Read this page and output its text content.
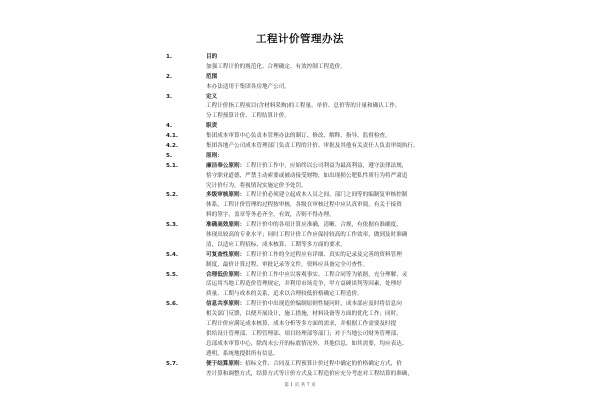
工程计价管理办法
1.	目的
加强工程计价的规范化、合理确定、有效控制工程造价。
2.	范围
本办法适用于集团各房地产公司。
3.	定义
工程计价指工程项目(含材料采购)的工程量、单价、总价等的计量和确认工作，
分工程预算计价、工程结算计价。
4.	职责
4.1.	集团成本审算中心负责本管理办法的制订、修改、解释、指导、监督检查。
4.2.	集团各地产公司成本管理部门负责工程的计价、审批及其他有关责任人负责审阅执行。
5.	原则：
5.1.	廉洁奉公原则：工程计价工作中，应始终以公司利益为最高利益，遵守法律法规，
恪守职业道德，严禁主动索要或被动接受财物，如出现损公肥私性质行为将严肃追
究计价行为，将视情况实施定价予处罚。
5.2.	多级审核原则：工程计价必须建立起成本人员之间、部门之间等的编制复审核控制
体系，工程计价管理的过程按审核，各级在审核过程中应认真审阅，有关于接资
料的签字，盖章等务必齐全，有效，否则不得办理。
5.3.	准确高效原则：工程计价中的各项计算应准确，清晰、合规，有依据有准确度，
体现出较高的专业水平；同时工程计价工作应保持较高的工作效率，做到及时准确
清，以适应工程招标、成本核算、工期等多方面的要求。
5.4.	可复查性原则：工程计价工作的全过程应有详细、真实的记录及完善的资料管理
制度，最价计算过程、审批记录等文件，资料应具备完全可查性。
5.5.	合理低价原则：工程计价工作中应以客观事实、工程合同等为依据，充分理解，灵
活运用当地工程造价管理规定，并利用市场竞争，甲方益硬谈判等因素，处理好
质量、工期与成本的关系，追求以合理较低价格确定工程造价。
5.6.	信息共享原则：工程计价中出现造价编制原则性疑问时，成本部应及时将信息向
相关部门反馈，以便开展设计，施工措施，材料设备等方面的优化工作；同时，
工程计价应满足成本核算、成本分析等多方面的需求，并根据工作需要及时提
供给设计管理部、工程管理部、项目经理部等部门；对于当地公司财务管理部、
总部成本审算中心，除尚未公开的标底情况外，其他信息，如其需要，均应表达、
透明，系统地提供所有信息。
5.7.	便于结算原则：招标文件、合同及工程预算计价过程中确定的价格确定方式，价
差计算和调整方式，结算方式等计价方式及工程造价应充分考虑对工程结算的准确，
第 1 页 共 7 页
